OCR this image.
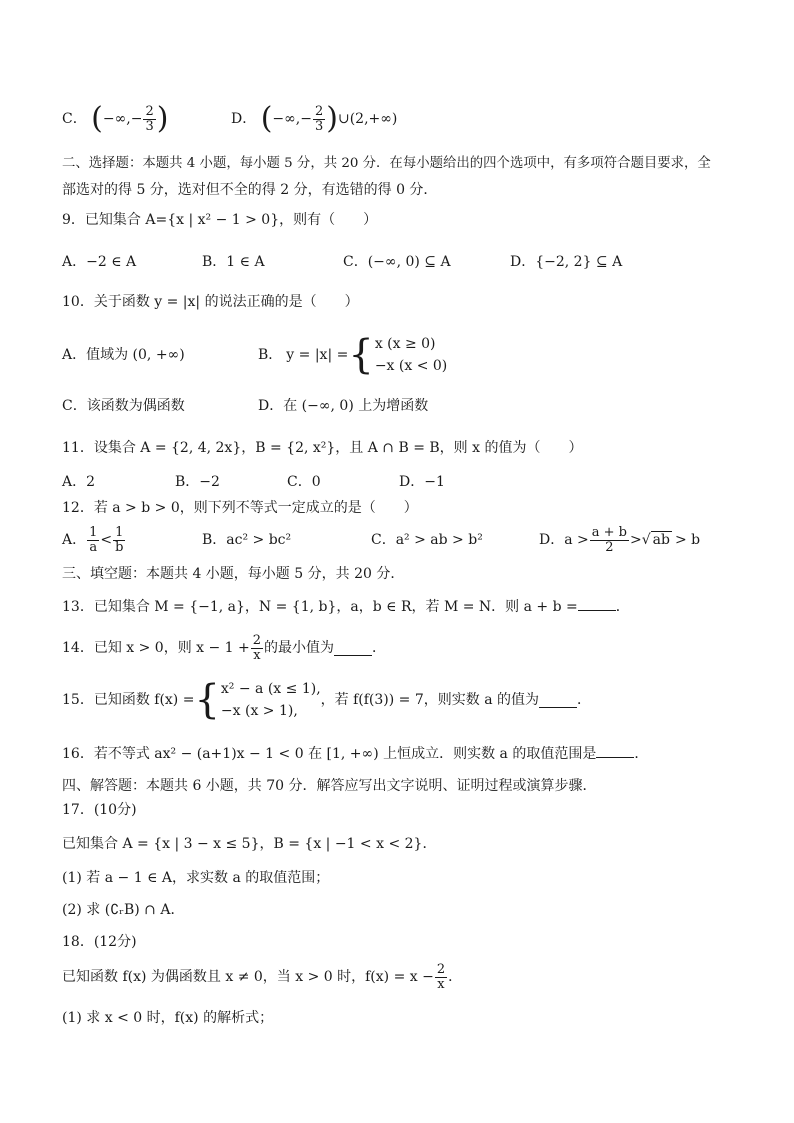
C． (−∞,− $\frac{2}{3}$ )	D． (−∞,− $\frac{2}{3}$ )∪(2,+∞)
二、选择题：本题共 4 小题，每小题 5 分，共 20 分．在每小题给出的四个选项中，有多项符合题目要求，全
部选对的得 5 分，选对但不全的得 2 分，有选错的得 0 分．
9．已知集合 A={x | x² − 1 > 0}，则有（　　）
A．−2 ∈ A	B．1 ∈ A	C．(−∞, 0) ⊆ A	D．{−2, 2} ⊆ A
10．关于函数 y = |x| 的说法正确的是（　　）
A．值域为 (0, +∞)	B． y = |x| = { x (x ≥ 0)
−x (x < 0)
C．该函数为偶函数	D．在 (−∞, 0) 上为增函数
11．设集合 A = {2, 4, 2x}，B = {2, x²}，且 A ∩ B = B，则 x 的值为（　　）
A．2	B．−2	C．0	D．−1
12．若 a > b > 0，则下列不等式一定成立的是（　　）
A． $\frac{1}{a} < \frac{1}{b}$	B．ac² > bc²	C．a² > ab > b²	D．$a > \frac{a + b}{2}$ > √ ab > b
三、填空题：本题共 4 小题，每小题 5 分，共 20 分．
13．已知集合 M = {−1, a}，N = {1, b}，a，b ∈ R，若 M = N．则 a + b =	．
14．已知 x > 0，则 $x - 1 + \frac{2}{x}$ 的最小值为	．
15．已知函数 f(x) = { x² − a (x ≤ 1),
−x (x > 1),
，若 f(f(3)) = 7，则实数 a 的值为	．
16．若不等式 ax² − (a+1)x − 1 < 0 在 [1, +∞) 上恒成立．则实数 a 的取值范围是	．
四、解答题：本题共 6 小题，共 70 分．解答应写出文字说明、证明过程或演算步骤．
17．(10分)
已知集合 A = {x | 3 − x ≤ 5}，B = {x | −1 < x < 2}．
(1) 若 a − 1 ∈ A，求实数 a 的取值范围；
(2) 求 (∁ᵣB) ∩ A．
18．(12分)
已知函数 f(x) 为偶函数且 x ≠ 0，当 x > 0 时，$f(x) = x - \frac{2}{x}$ ．
(1) 求 x < 0 时，f(x) 的解析式；
